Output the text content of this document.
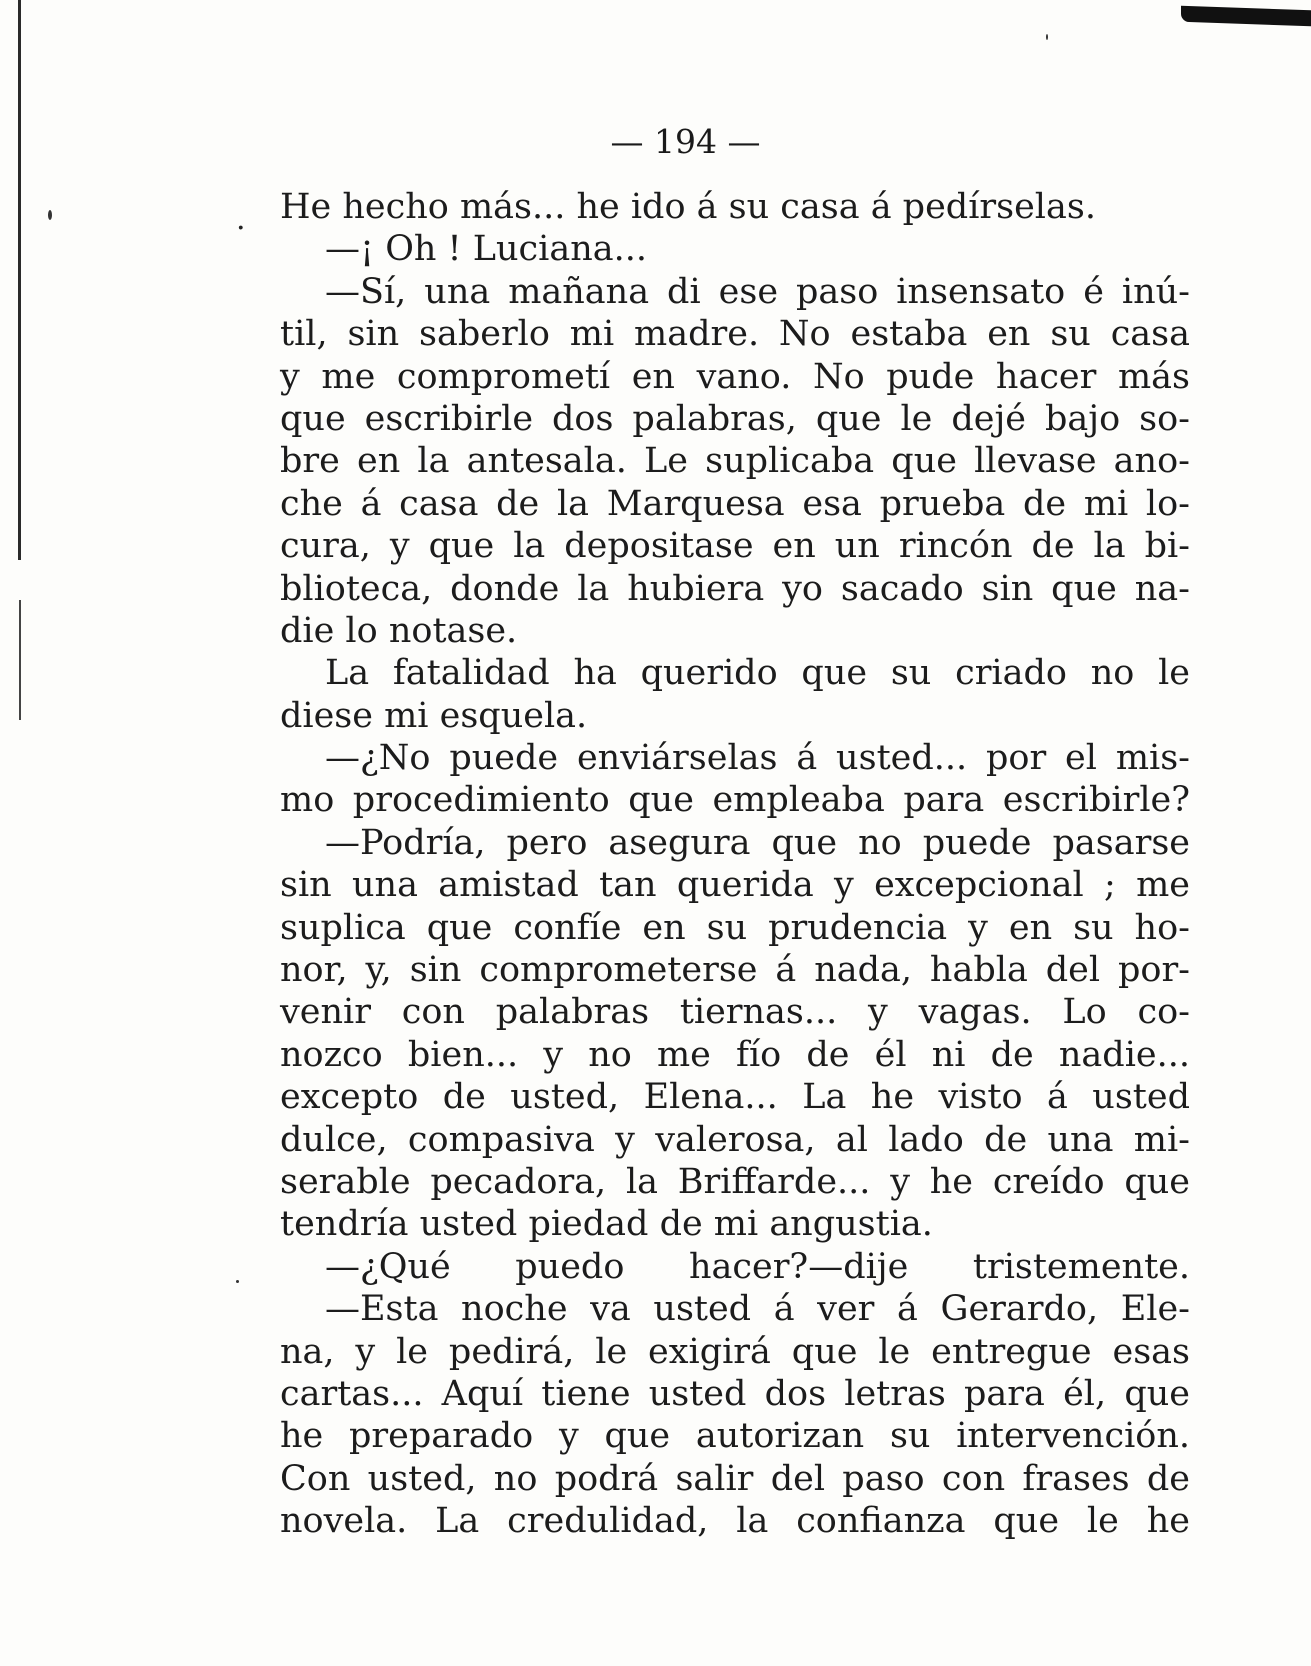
— 194 —
. He hecho más... he ido á su casa á pedírselas.
—¡ Oh ! Luciana...
—Sí, una mañana di ese paso insensato é inú-
til, sin saberlo mi madre. No estaba en su casa
y me comprometí en vano. No pude hacer más
que escribirle dos palabras, que le dejé bajo so-
bre en la antesala. Le suplicaba que llevase ano-
che á casa de la Marquesa esa prueba de mi lo-
cura, y que la depositase en un rincón de la bi-
blioteca, donde la hubiera yo sacado sin que na-
die lo notase.
La fatalidad ha querido que su criado no le
diese mi esquela.
—¿No puede enviárselas á usted... por el mis-
mo procedimiento que empleaba para escribirle?
—Podría, pero asegura que no puede pasarse
sin una amistad tan querida y excepcional ; me
suplica que confíe en su prudencia y en su ho-
nor, y, sin comprometerse á nada, habla del por-
venir con palabras tiernas... y vagas. Lo co-
nozco bien... y no me fío de él ni de nadie...
excepto de usted, Elena... La he visto á usted
dulce, compasiva y valerosa, al lado de una mi-
serable pecadora, la Briffarde... y he creído que
tendría usted piedad de mi angustia.
—¿Qué puedo hacer?—dije tristemente.
—Esta noche va usted á ver á Gerardo, Ele-
na, y le pedirá, le exigirá que le entregue esas
cartas... Aquí tiene usted dos letras para él, que
he preparado y que autorizan su intervención.
Con usted, no podrá salir del paso con frases de
novela. La credulidad, la confianza que le he
